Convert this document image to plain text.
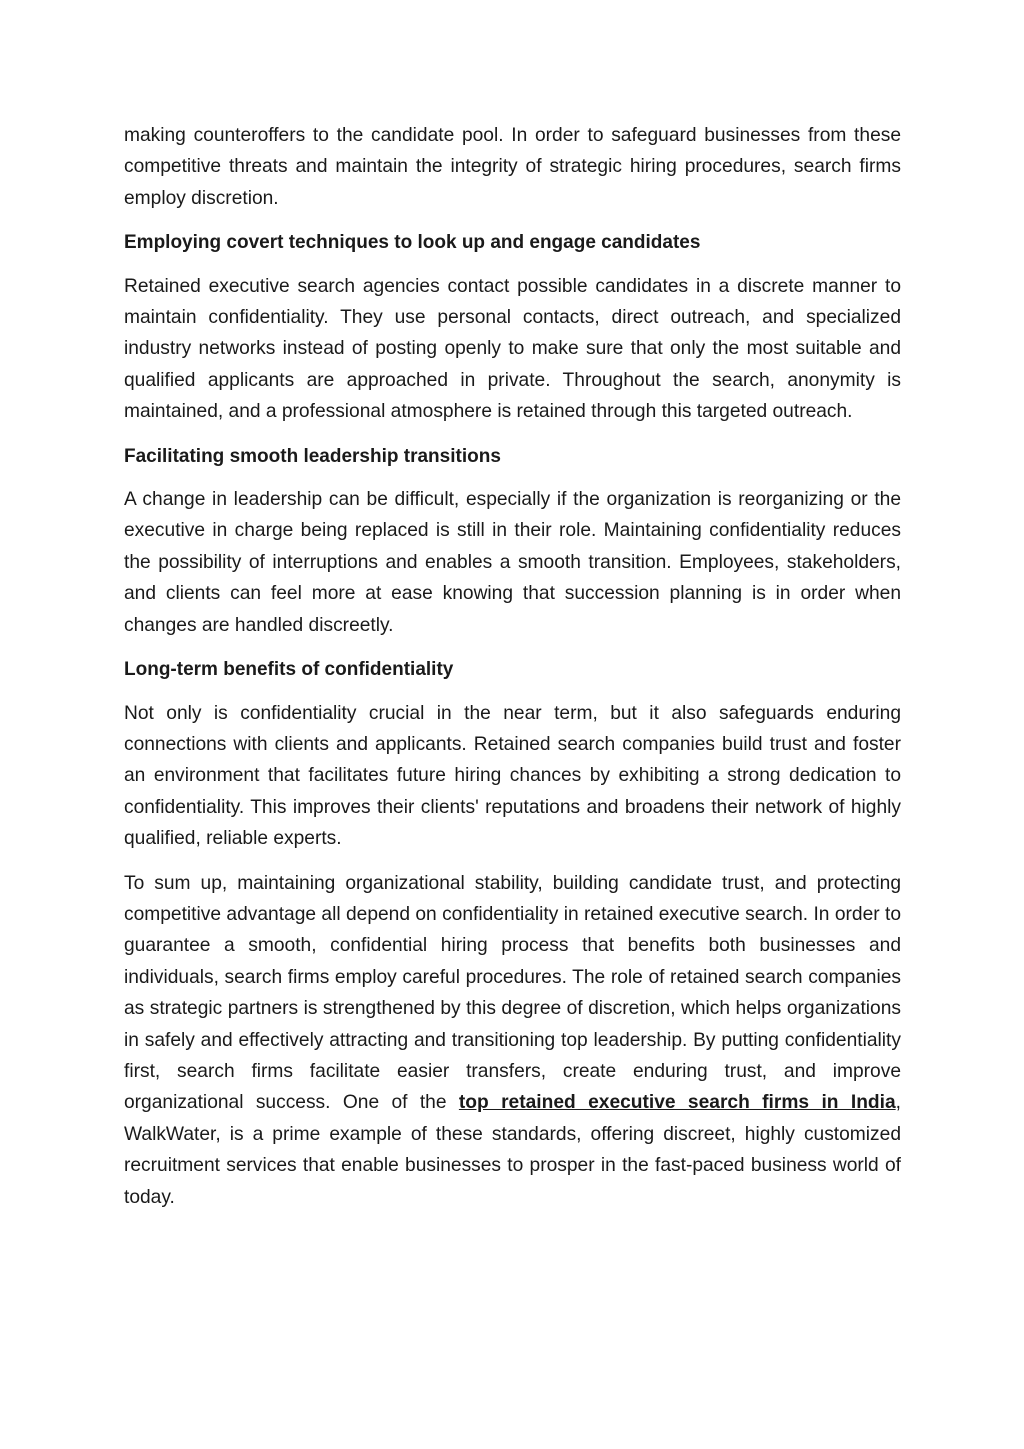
making counteroffers to the candidate pool. In order to safeguard businesses from these competitive threats and maintain the integrity of strategic hiring procedures, search firms employ discretion.

Employing covert techniques to look up and engage candidates

Retained executive search agencies contact possible candidates in a discrete manner to maintain confidentiality. They use personal contacts, direct outreach, and specialized industry networks instead of posting openly to make sure that only the most suitable and qualified applicants are approached in private. Throughout the search, anonymity is maintained, and a professional atmosphere is retained through this targeted outreach.

Facilitating smooth leadership transitions

A change in leadership can be difficult, especially if the organization is reorganizing or the executive in charge being replaced is still in their role. Maintaining confidentiality reduces the possibility of interruptions and enables a smooth transition. Employees, stakeholders, and clients can feel more at ease knowing that succession planning is in order when changes are handled discreetly.

Long-term benefits of confidentiality

Not only is confidentiality crucial in the near term, but it also safeguards enduring connections with clients and applicants. Retained search companies build trust and foster an environment that facilitates future hiring chances by exhibiting a strong dedication to confidentiality. This improves their clients' reputations and broadens their network of highly qualified, reliable experts.

To sum up, maintaining organizational stability, building candidate trust, and protecting competitive advantage all depend on confidentiality in retained executive search. In order to guarantee a smooth, confidential hiring process that benefits both businesses and individuals, search firms employ careful procedures. The role of retained search companies as strategic partners is strengthened by this degree of discretion, which helps organizations in safely and effectively attracting and transitioning top leadership. By putting confidentiality first, search firms facilitate easier transfers, create enduring trust, and improve organizational success. One of the top retained executive search firms in India, WalkWater, is a prime example of these standards, offering discreet, highly customized recruitment services that enable businesses to prosper in the fast-paced business world of today.
